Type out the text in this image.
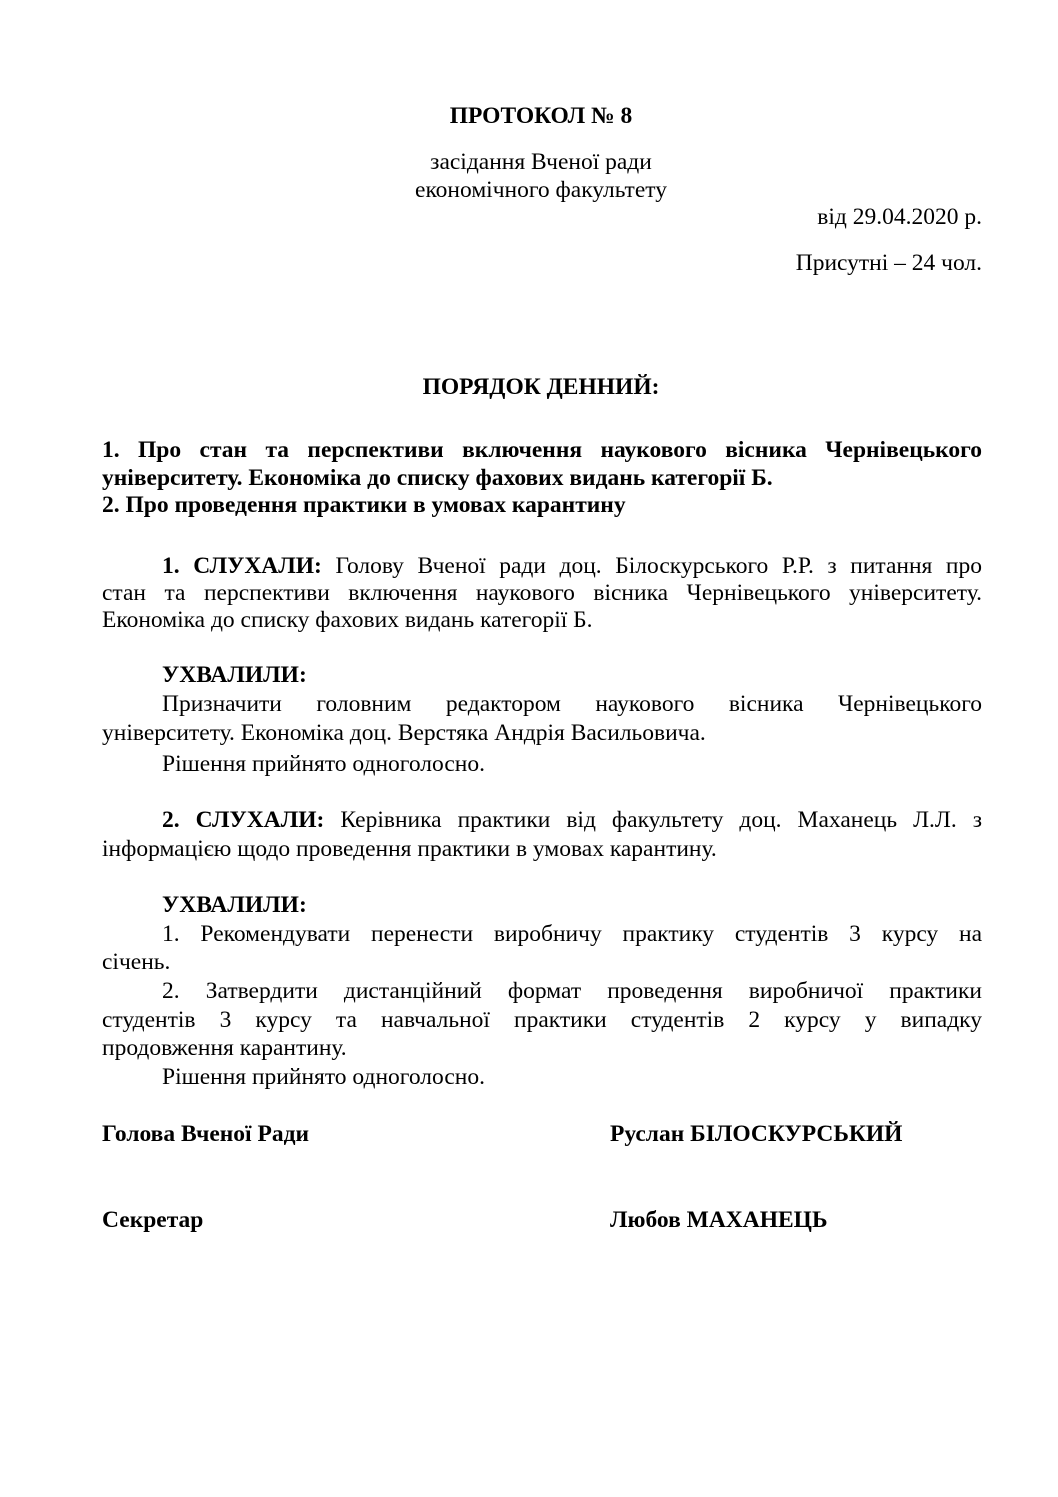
ПРОТОКОЛ № 8
засідання Вченої ради
економічного факультету
від 29.04.2020 р.
Присутні – 24 чол.
ПОРЯДОК ДЕННИЙ:
1. Про стан та перспективи включення наукового вісника Чернівецького
університету. Економіка до списку фахових видань категорії Б.
2. Про проведення практики в умовах карантину
1. СЛУХАЛИ: Голову Вченої ради доц. Білоскурського Р.Р. з питання про
стан та перспективи включення наукового вісника Чернівецького університету.
Економіка до списку фахових видань категорії Б.
УХВАЛИЛИ:
Призначити головним редактором наукового вісника Чернівецького
університету. Економіка доц. Верстяка Андрія Васильовича.
Рішення прийнято одноголосно.
2. СЛУХАЛИ: Керівника практики від факультету доц. Маханець Л.Л. з
інформацією щодо проведення практики в умовах карантину.
УХВАЛИЛИ:
1. Рекомендувати перенести виробничу практику студентів 3 курсу на
січень.
2. Затвердити дистанційний формат проведення виробничої практики
студентів 3 курсу та навчальної практики студентів 2 курсу у випадку
продовження карантину.
Рішення прийнято одноголосно.
Голова Вченої Ради	Руслан БІЛОСКУРСЬКИЙ
Секретар	Любов МАХАНЕЦЬ
